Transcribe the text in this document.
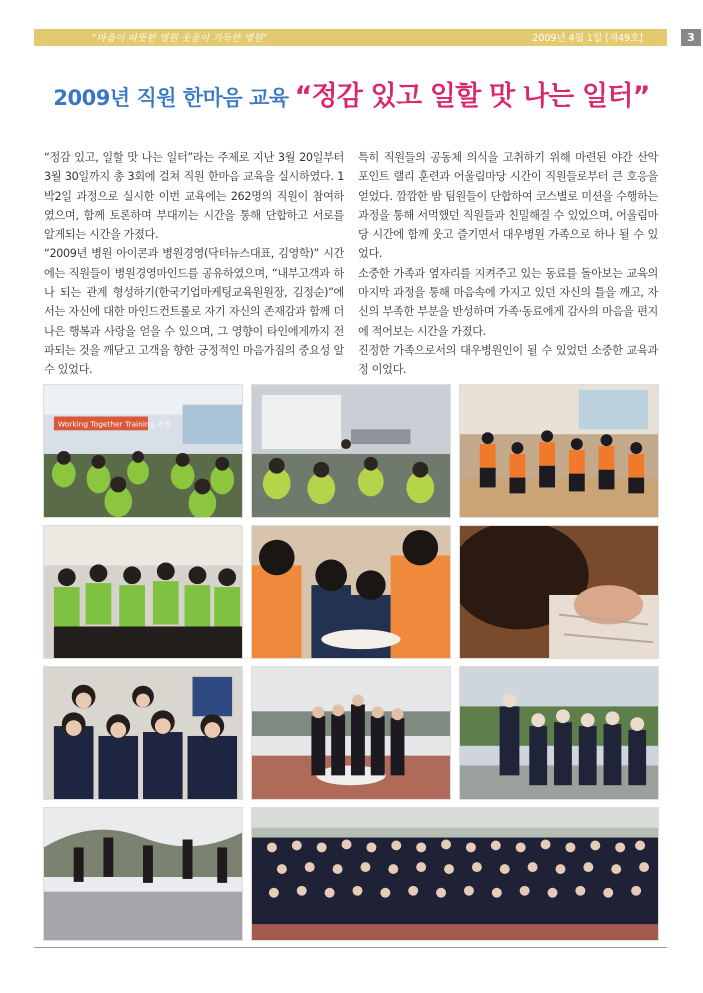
"마음이 따뜻한 병원 웃음이 가득한 병원"	2009년 4월 1일 [제49호]	3
2009년 직원 한마음 교육 “정감 있고 일할 맛 나는 일터”

“정감 있고, 일할 맛 나는 일터”라는 주제로 지난 3월 20일부터 3월 30일까지 총 3회에 걸쳐 직원 한마음 교육을 실시하였다. 1박2일 과정으로 실시한 이번 교육에는 262명의 직원이 참여하였으며, 함께 토론하며 부대끼는 시간을 통해 단합하고 서로를 알게되는 시간을 가졌다.

“2009년 병원 아이콘과 병원경영(닥터뉴스대표, 김영학)” 시간에는 직원들이 병원경영마인드를 공유하였으며, “내부고객과 하나 되는 관계 형성하기(한국기업마케팅교육원원장, 김정순)”에서는 자신에 대한 마인드컨트롤로 자기 자신의 존재감과 함께 더 나은 행복과 사랑을 얻을 수 있으며, 그 영향이 타인에게까지 전파되는 것을 깨닫고 고객을 향한 긍정적인 마음가짐의 중요성 알 수 있었다.

특히 직원들의 공동체 의식을 고취하기 위해 마련된 야간 산악 포인트 랠리 훈련과 어울림마당 시간이 직원들로부터 큰 호응을 얻었다. 깜깜한 밤 팀원들이 단합하여 코스별로 미션을 수행하는 과정을 통해 서먹했던 직원들과 친밀해질 수 있었으며, 어울림마당 시간에 함께 웃고 즐기면서 대우병원 가족으로 하나 될 수 있었다.

소중한 가족과 옆자리를 지켜주고 있는 동료를 돌아보는 교육의 마지막 과정을 통해 마음속에 가지고 있던 자신의 틀을 깨고, 자신의 부족한 부분을 반성하며 가족·동료에게 감사의 마음을 편지에 적어보는 시간을 가졌다.

진정한 가족으로서의 대우병원인이 될 수 있었던 소중한 교육과정 이었다.

Working Together Training 과정
